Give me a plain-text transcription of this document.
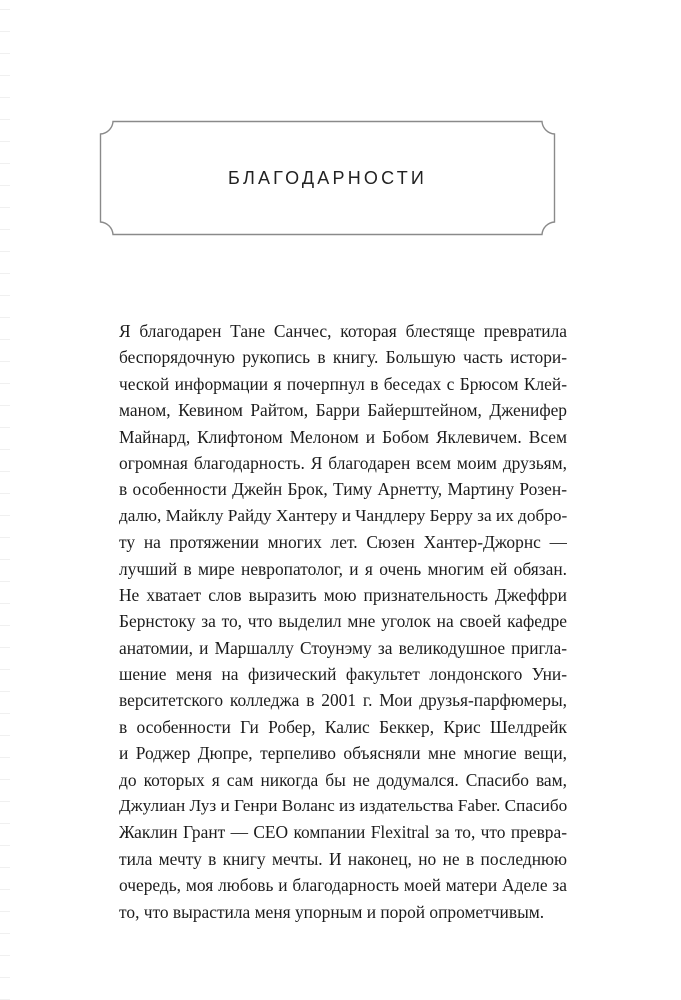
БЛАГОДАРНОСТИ
Я благодарен Тане Санчес, которая блестяще превратила
беспорядочную рукопись в книгу. Большую часть истори-
ческой информации я почерпнул в беседах с Брюсом Клей-
маном, Кевином Райтом, Барри Байерштейном, Дженифер
Майнард, Клифтоном Мелоном и Бобом Яклевичем. Всем
огромная благодарность. Я благодарен всем моим друзьям,
в особенности Джейн Брок, Тиму Арнетту, Мартину Розен-
далю, Майклу Райду Хантеру и Чандлеру Берру за их добро-
ту на протяжении многих лет. Сюзен Хантер-Джорнс —
лучший в мире невропатолог, и я очень многим ей обязан.
Не хватает слов выразить мою признательность Джеффри
Бернстоку за то, что выделил мне уголок на своей кафедре
анатомии, и Маршаллу Стоунэму за великодушное пригла-
шение меня на физический факультет лондонского Уни-
верситетского колледжа в 2001 г. Мои друзья-парфюмеры,
в особенности Ги Робер, Калис Беккер, Крис Шелдрейк
и Роджер Дюпре, терпеливо объясняли мне многие вещи,
до которых я сам никогда бы не додумался. Спасибо вам,
Джулиан Луз и Генри Воланс из издательства Faber. Спасибо
Жаклин Грант — CEO компании Flexitral за то, что превра-
тила мечту в книгу мечты. И наконец, но не в последнюю
очередь, моя любовь и благодарность моей матери Аделе за
то, что вырастила меня упорным и порой опрометчивым.
